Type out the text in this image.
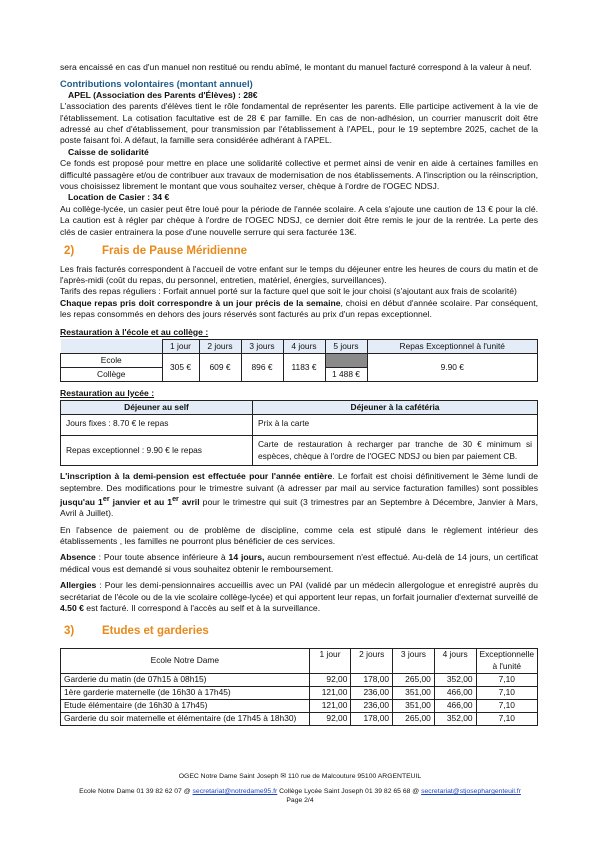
sera encaissé en cas d'un manuel non restitué ou rendu abîmé, le montant du manuel facturé correspond à la valeur à neuf.

Contributions volontaires (montant annuel)

APEL (Association des Parents d'Élèves) : 28€

L'association des parents d'élèves tient le rôle fondamental de représenter les parents. Elle participe activement à la vie de l'établissement. La cotisation facultative est de 28 € par famille. En cas de non-adhésion, un courrier manuscrit doit être adressé au chef d'établissement, pour transmission par l'établissement à l'APEL, pour le 19 septembre 2025, cachet de la poste faisant foi. A défaut, la famille sera considérée adhérant à l'APEL.

Caisse de solidarité

Ce fonds est proposé pour mettre en place une solidarité collective et permet ainsi de venir en aide à certaines familles en difficulté passagère et/ou de contribuer aux travaux de modernisation de nos établissements. A l'inscription ou la réinscription, vous choisissez librement le montant que vous souhaitez verser, chèque à l'ordre de l'OGEC NDSJ.

Location de Casier : 34 €

Au collège-lycée, un casier peut être loué pour la période de l'année scolaire. A cela s'ajoute une caution de 13 € pour la clé. La caution est à régler par chèque à l'ordre de l'OGEC NDSJ, ce dernier doit être remis le jour de la rentrée. La perte des clés de casier entrainera la pose d'une nouvelle serrure qui sera facturée 13€.

2)	Frais de Pause Méridienne

Les frais facturés correspondent à l'accueil de votre enfant sur le temps du déjeuner entre les heures de cours du matin et de l'après-midi (coût du repas, du personnel, entretien, matériel, énergies, surveillances).

Tarifs des repas réguliers : Forfait annuel porté sur la facture quel que soit le jour choisi (s'ajoutant aux frais de scolarité)

Chaque repas pris doit correspondre à un jour précis de la semaine, choisi en début d'année scolaire. Par conséquent, les repas consommés en dehors des jours réservés sont facturés au prix d'un repas exceptionnel.

Restauration à l'école et au collège :

	1 jour	2 jours	3 jours	4 jours	5 jours	Repas Exceptionnel à l'unité
Ecole	305 €	609 €	896 €	1183 €		9.90 €
Collège					1 488 €	

Restauration au lycée :

Déjeuner au self	Déjeuner à la cafétéria
Jours fixes : 8.70 € le repas	Prix à la carte
Repas exceptionnel : 9.90 € le repas	Carte de restauration à recharger par tranche de 30 € minimum si espèces, chèque à l'ordre de l'OGEC NDSJ ou bien par paiement CB.

L'inscription à la demi-pension est effectuée pour l'année entière. Le forfait est choisi définitivement le 3ème lundi de septembre. Des modifications pour le trimestre suivant (à adresser par mail au service facturation familles) sont possibles jusqu'au 1er janvier et au 1er avril pour le trimestre qui suit (3 trimestres par an Septembre à Décembre, Janvier à Mars, Avril à Juillet).

En l'absence de paiement ou de problème de discipline, comme cela est stipulé dans le règlement intérieur des établissements , les familles ne pourront plus bénéficier de ces services.

Absence : Pour toute absence inférieure à 14 jours, aucun remboursement n'est effectué. Au-delà de 14 jours, un certificat médical vous est demandé si vous souhaitez obtenir le remboursement.

Allergies : Pour les demi-pensionnaires accueillis avec un PAI (validé par un médecin allergologue et enregistré auprès du secrétariat de l'école ou de la vie scolaire collège-lycée) et qui apportent leur repas, un forfait journalier d'externat surveillé de 4.50 € est facturé. Il correspond à l'accès au self et à la surveillance.

3)	Etudes et garderies
Ecole Notre Dame	1 jour	2 jours	3 jours	4 jours	Exceptionnelle à l'unité
Garderie du matin (de 07h15 à 08h15)	92,00	178,00	265,00	352,00	7,10
1ère garderie maternelle (de 16h30 à 17h45)	121,00	236,00	351,00	466,00	7,10
Etude élémentaire (de 16h30 à 17h45)	121,00	236,00	351,00	466,00	7,10
Garderie du soir maternelle et élémentaire (de 17h45 à 18h30)	92,00	178,00	265,00	352,00	7,10

OGEC Notre Dame Saint Joseph ✉ 110 rue de Malcouture 95100 ARGENTEUIL

Ecole Notre Dame 01 39 82 62 07 @ secretariat@notredame95.fr Collège Lycée Saint Joseph 01 39 82 65 68 @ secretariat@stjosephargenteuil.fr

Page 2/4
